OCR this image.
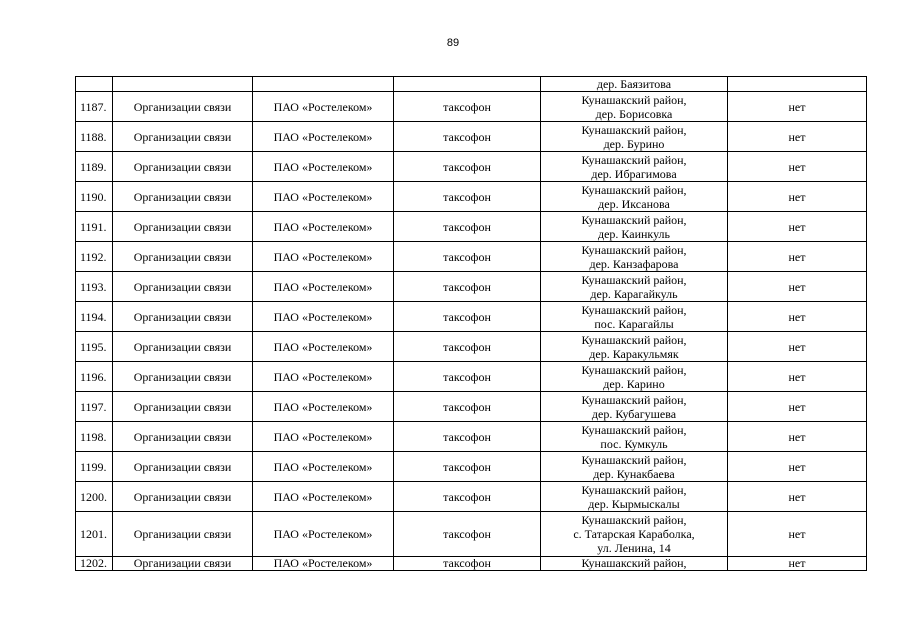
89

				дер. Баязитова	

1187.	Организации связи	ПАО «Ростелеком»	таксофон	Кунашакский район,
дер. Борисовка	нет
1188.	Организации связи	ПАО «Ростелеком»	таксофон	Кунашакский район,
дер. Бурино	нет
1189.	Организации связи	ПАО «Ростелеком»	таксофон	Кунашакский район,
дер. Ибрагимова	нет
1190.	Организации связи	ПАО «Ростелеком»	таксофон	Кунашакский район,
дер. Иксанова	нет
1191.	Организации связи	ПАО «Ростелеком»	таксофон	Кунашакский район,
дер. Каинкуль	нет
1192.	Организации связи	ПАО «Ростелеком»	таксофон	Кунашакский район,
дер. Канзафарова	нет
1193.	Организации связи	ПАО «Ростелеком»	таксофон	Кунашакский район,
дер. Карагайкуль	нет
1194.	Организации связи	ПАО «Ростелеком»	таксофон	Кунашакский район,
пос. Карагайлы	нет
1195.	Организации связи	ПАО «Ростелеком»	таксофон	Кунашакский район,
дер. Каракульмяк	нет
1196.	Организации связи	ПАО «Ростелеком»	таксофон	Кунашакский район,
дер. Карино	нет
1197.	Организации связи	ПАО «Ростелеком»	таксофон	Кунашакский район,
дер. Кубагушева	нет
1198.	Организации связи	ПАО «Ростелеком»	таксофон	Кунашакский район,
пос. Кумкуль	нет
1199.	Организации связи	ПАО «Ростелеком»	таксофон	Кунашакский район,
дер. Кунакбаева	нет
1200.	Организации связи	ПАО «Ростелеком»	таксофон	Кунашакский район,
дер. Кырмыскалы	нет
1201.	Организации связи	ПАО «Ростелеком»	таксофон	Кунашакский район,
с. Татарская Караболка,
ул. Ленина, 14	нет
1202.	Организации связи	ПАО «Ростелеком»	таксофон	Кунашакский район,	нет
